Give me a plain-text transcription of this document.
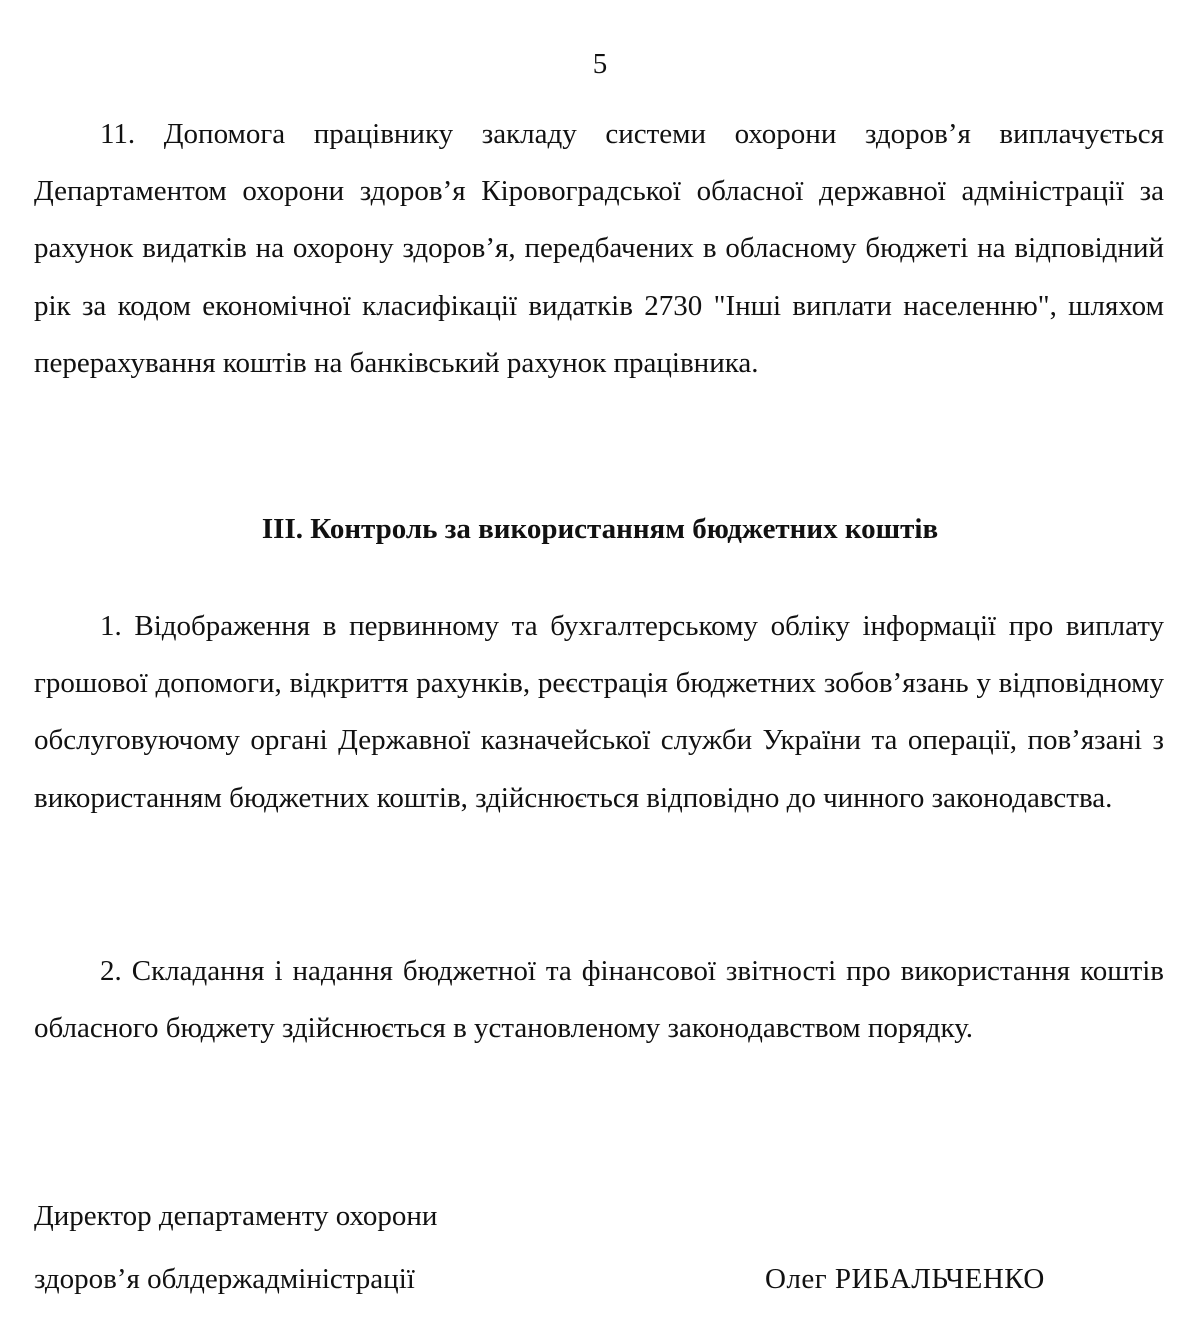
5

11. Допомога працівнику закладу системи охорони здоров’я виплачується Департаментом охорони здоров’я Кіровоградської обласної державної адміністрації за рахунок видатків на охорону здоров’я, передбачених в обласному бюджеті на відповідний рік за кодом економічної класифікації видатків 2730 "Інші виплати населенню", шляхом перерахування коштів на банківський рахунок працівника.

ІІІ. Контроль за використанням бюджетних коштів

1. Відображення в первинному та бухгалтерському обліку інформації про виплату грошової допомоги, відкриття рахунків, реєстрація бюджетних зобов’язань у відповідному обслуговуючому органі Державної казначейської служби України та операції, пов’язані з використанням бюджетних коштів, здійснюється відповідно до чинного законодавства.

2. Складання і надання бюджетної та фінансової звітності про використання коштів обласного бюджету здійснюється в установленому законодавством порядку.

Директор департаменту охорони
здоров’я облдержадміністрації	Олег РИБАЛЬЧЕНКО
